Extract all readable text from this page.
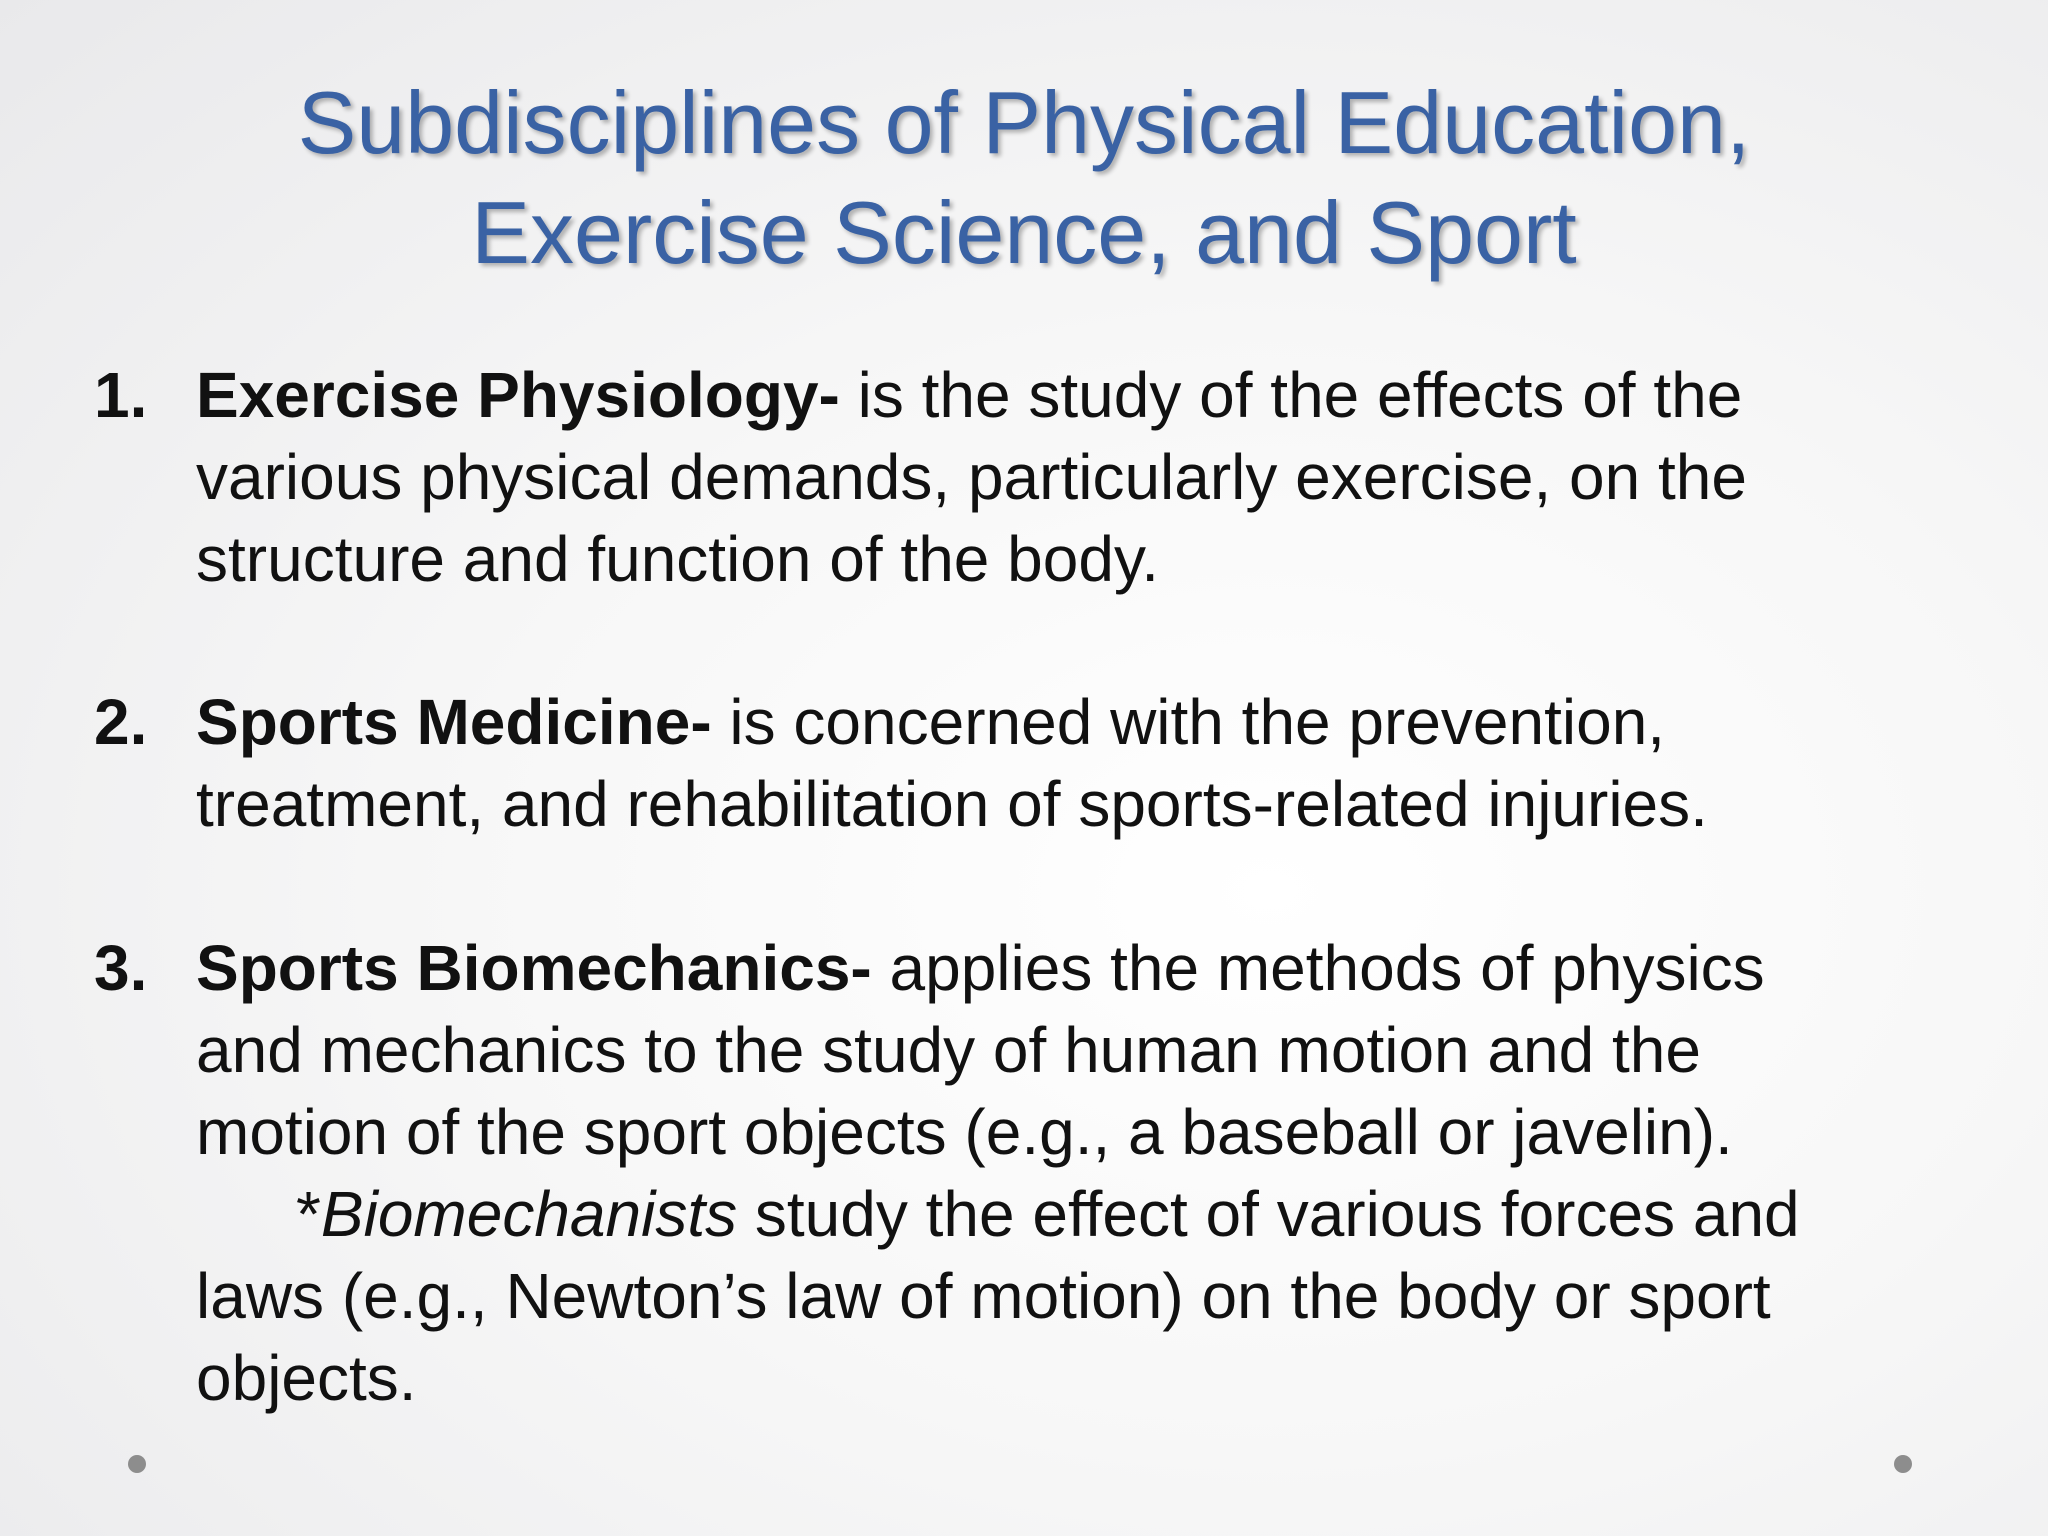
Subdisciplines of Physical Education,
Exercise Science, and Sport
1. Exercise Physiology- is the study of the effects of the
various physical demands, particularly exercise, on the
structure and function of the body.
2. Sports Medicine- is concerned with the prevention,
treatment, and rehabilitation of sports-related injuries.
3. Sports Biomechanics- applies the methods of physics
and mechanics to the study of human motion and the
motion of the sport objects (e.g., a baseball or javelin).
*Biomechanists study the effect of various forces and
laws (e.g., Newton’s law of motion) on the body or sport
objects.
